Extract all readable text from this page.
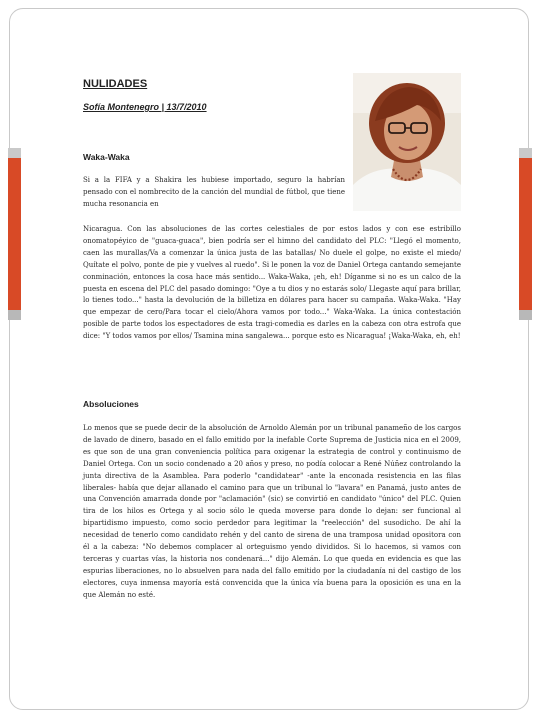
NULIDADES

Sofía Montenegro | 13/7/2010

Waka-Waka

Si a la FIFA y a Shakira les hubiese importado, seguro la habrían pensado con el nombrecito de la canción del mundial de fútbol, que tiene mucha resonancia en

Nicaragua. Con las absoluciones de las cortes celestiales de por estos lados y con ese estribillo onomatopéyico de "guaca-guaca", bien podría ser el himno del candidato del PLC: "Llegó el momento, caen las murallas/Va a comenzar la única justa de las batallas/ No duele el golpe, no existe el miedo/ Quítate el polvo, ponte de pie y vuelves al ruedo". Si le ponen la voz de Daniel Ortega cantando semejante conminación, entonces la cosa hace más sentido... Waka-Waka, ¡eh, eh! Díganme si no es un calco de la puesta en escena del PLC del pasado domingo: "Oye a tu dios y no estarás solo/ Llegaste aquí para brillar, lo tienes todo..." hasta la devolución de la billetiza en dólares para hacer su campaña. Waka-Waka. "Hay que empezar de cero/Para tocar el cielo/Ahora vamos por todo..." Waka-Waka. La única contestación posible de parte todos los espectadores de esta tragi-comedia es darles en la cabeza con otra estrofa que dice: "Y todos vamos por ellos/ Tsamina mina sangalewa... porque esto es Nicaragua! ¡Waka-Waka, eh, eh!

Absoluciones

Lo menos que se puede decir de la absolución de Arnoldo Alemán por un tribunal panameño de los cargos de lavado de dinero, basado en el fallo emitido por la inefable Corte Suprema de Justicia nica en el 2009, es que son de una gran conveniencia política para oxigenar la estrategia de control y continuismo de Daniel Ortega. Con un socio condenado a 20 años y preso, no podía colocar a René Núñez controlando la junta directiva de la Asamblea. Para poderlo "candidatear" -ante la enconada resistencia en las filas liberales- había que dejar allanado el camino para que un tribunal lo "lavara" en Panamá, justo antes de una Convención amarrada donde por "aclamación" (sic) se convirtió en candidato "único" del PLC. Quien tira de los hilos es Ortega y al socio sólo le queda moverse para donde lo dejan: ser funcional al bipartidismo impuesto, como socio perdedor para legitimar la "reelección" del susodicho. De ahí la necesidad de tenerlo como candidato rehén y del canto de sirena de una tramposa unidad opositora con él a la cabeza: "No debemos complacer al orteguismo yendo divididos. Si lo hacemos, si vamos con terceras y cuartas vías, la historia nos condenará..." dijo Alemán. Lo que queda en evidencia es que las espurias liberaciones, no lo absuelven para nada del fallo emitido por la ciudadanía ni del castigo de los electores, cuya inmensa mayoría está convencida que la única vía buena para la oposición es una en la que Alemán no esté.
